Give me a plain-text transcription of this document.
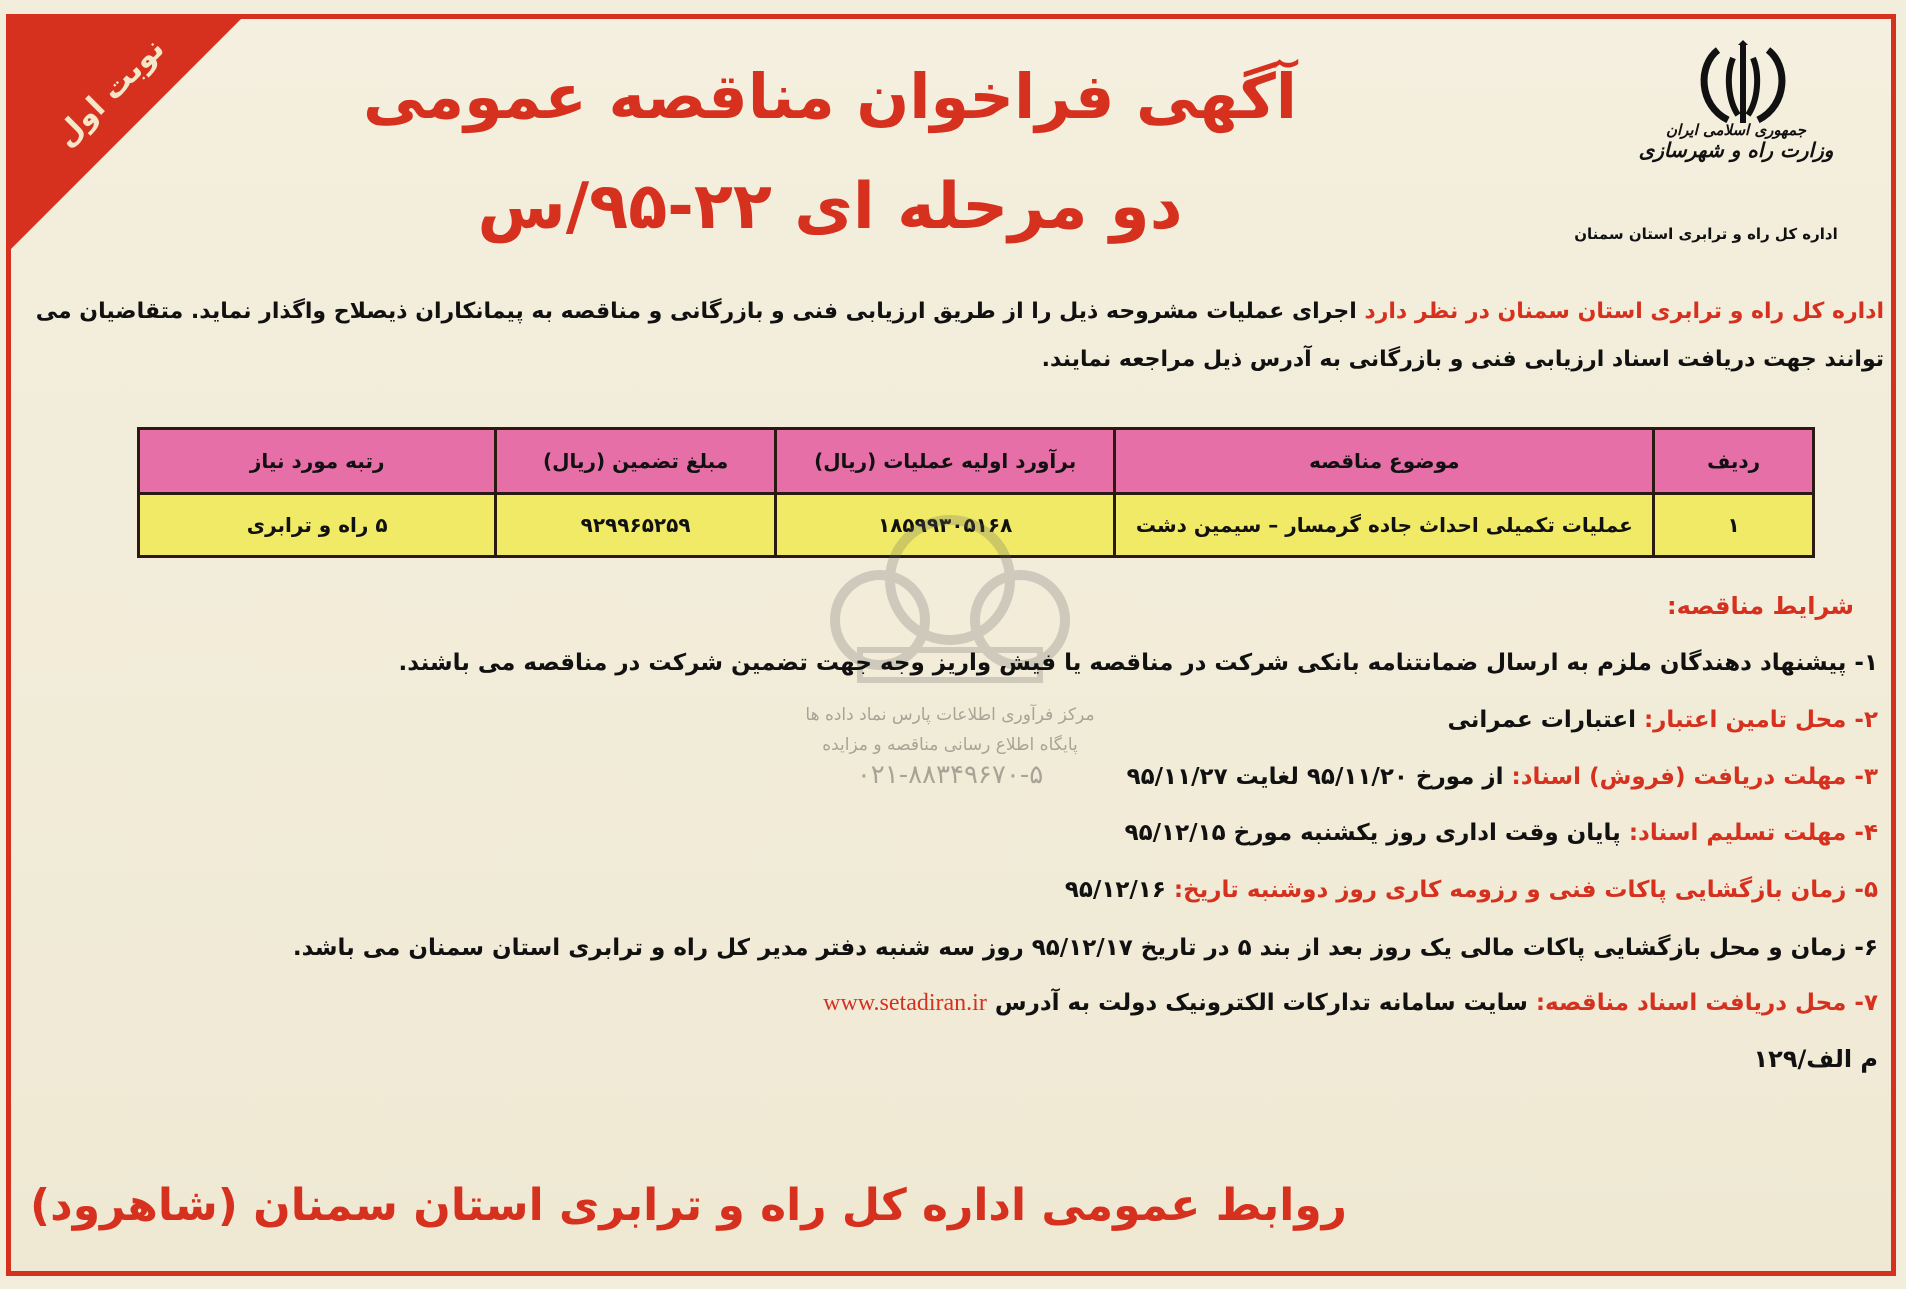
نوبت اول	جمهوری اسلامی ایران
وزارت راه و شهرسازی
اداره کل راه و ترابری استان سمنان
آگهی فراخوان مناقصه عمومی
دو مرحله ای ۲۲-۹۵/س
اداره کل راه و ترابری استان سمنان در نظر دارد اجرای عملیات مشروحه ذیل را از طریق ارزیابی فنی و بازرگانی و مناقصه به پیمانکاران ذیصلاح واگذار نماید. متقاضیان می توانند جهت دریافت اسناد ارزیابی فنی و بازرگانی به آدرس ذیل مراجعه نمایند.
ردیف	موضوع مناقصه	برآورد اولیه عملیات (ریال)	مبلغ تضمین (ریال)	رتبه مورد نیاز
۱	عملیات تکمیلی احداث جاده گرمسار – سیمین دشت	۱۸۵۹۹۳۰۵۱۶۸	۹۲۹۹۶۵۲۵۹	۵ راه و ترابری
مرکز فرآوری اطلاعات پارس نماد داده ها
پایگاه اطلاع رسانی مناقصه و مزایده
۰۲۱-۸۸۳۴۹۶۷۰-۵
شرایط مناقصه:
۱- پیشنهاد دهندگان ملزم به ارسال ضمانتنامه بانکی شرکت در مناقصه یا فیش واریز وجه جهت تضمین شرکت در مناقصه می باشند.
۲- محل تامین اعتبار: اعتبارات عمرانی
۳- مهلت دریافت (فروش) اسناد: از مورخ ۹۵/۱۱/۲۰ لغایت ۹۵/۱۱/۲۷
۴- مهلت تسلیم اسناد: پایان وقت اداری روز یکشنبه مورخ ۹۵/۱۲/۱۵
۵- زمان بازگشایی پاکات فنی و رزومه کاری روز دوشنبه تاریخ: ۹۵/۱۲/۱۶
۶- زمان و محل بازگشایی پاکات مالی یک روز بعد از بند ۵ در تاریخ ۹۵/۱۲/۱۷ روز سه شنبه دفتر مدیر کل راه و ترابری استان سمنان می باشد.
۷- محل دریافت اسناد مناقصه: سایت سامانه تدارکات الکترونیک دولت به آدرس www.setadiran.ir
م الف/۱۲۹
روابط عمومی اداره کل راه و ترابری استان سمنان (شاهرود)
